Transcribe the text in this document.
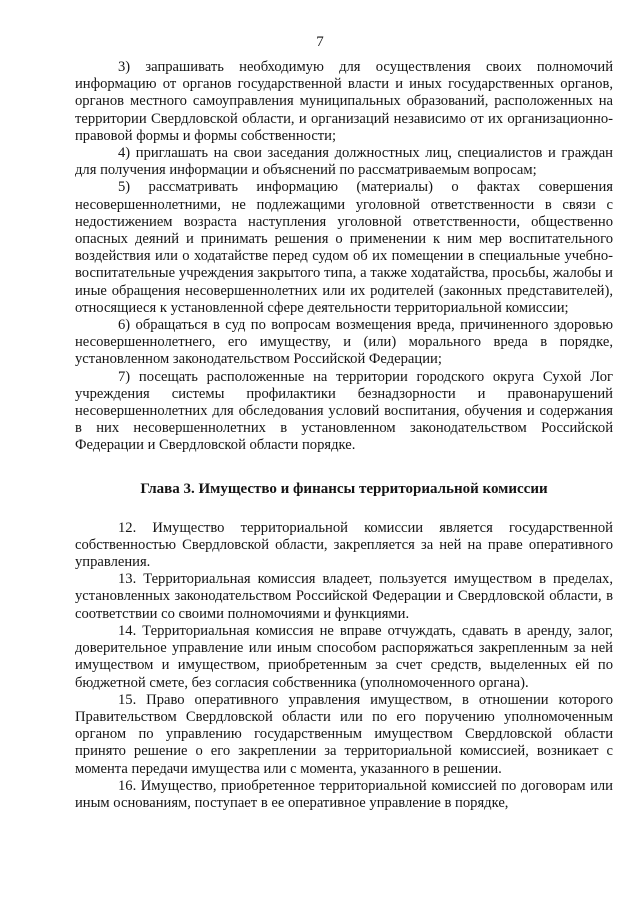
7

3) запрашивать необходимую для осуществления своих полномочий информацию от органов государственной власти и иных государственных органов, органов местного самоуправления муниципальных образований, расположенных на территории Свердловской области, и организаций независимо от их организационно-правовой формы и формы собственности;

4) приглашать на свои заседания должностных лиц, специалистов и граждан для получения информации и объяснений по рассматриваемым вопросам;

5) рассматривать информацию (материалы) о фактах совершения несовершеннолетними, не подлежащими уголовной ответственности в связи с недостижением возраста наступления уголовной ответственности, общественно опасных деяний и принимать решения о применении к ним мер воспитательного воздействия или о ходатайстве перед судом об их помещении в специальные учебно-воспитательные учреждения закрытого типа, а также ходатайства, просьбы, жалобы и иные обращения несовершеннолетних или их родителей (законных представителей), относящиеся к установленной сфере деятельности территориальной комиссии;

6) обращаться в суд по вопросам возмещения вреда, причиненного здоровью несовершеннолетнего, его имуществу, и (или) морального вреда в порядке, установленном законодательством Российской Федерации;

7) посещать расположенные на территории городского округа Сухой Лог учреждения системы профилактики безнадзорности и правонарушений несовершеннолетних для обследования условий воспитания, обучения и содержания в них несовершеннолетних в установленном законодательством Российской Федерации и Свердловской области порядке.

Глава 3. Имущество и финансы территориальной комиссии

12. Имущество территориальной комиссии является государственной собственностью Свердловской области, закрепляется за ней на праве оперативного управления.

13. Территориальная комиссия владеет, пользуется имуществом в пределах, установленных законодательством Российской Федерации и Свердловской области, в соответствии со своими полномочиями и функциями.

14. Территориальная комиссия не вправе отчуждать, сдавать в аренду, залог, доверительное управление или иным способом распоряжаться закрепленным за ней имуществом и имуществом, приобретенным за счет средств, выделенных ей по бюджетной смете, без согласия собственника (уполномоченного органа).

15. Право оперативного управления имуществом, в отношении которого Правительством Свердловской области или по его поручению уполномоченным органом по управлению государственным имуществом Свердловской области принято решение о его закреплении за территориальной комиссией, возникает с момента передачи имущества или с момента, указанного в решении.

16. Имущество, приобретенное территориальной комиссией по договорам или иным основаниям, поступает в ее оперативное управление в порядке,
